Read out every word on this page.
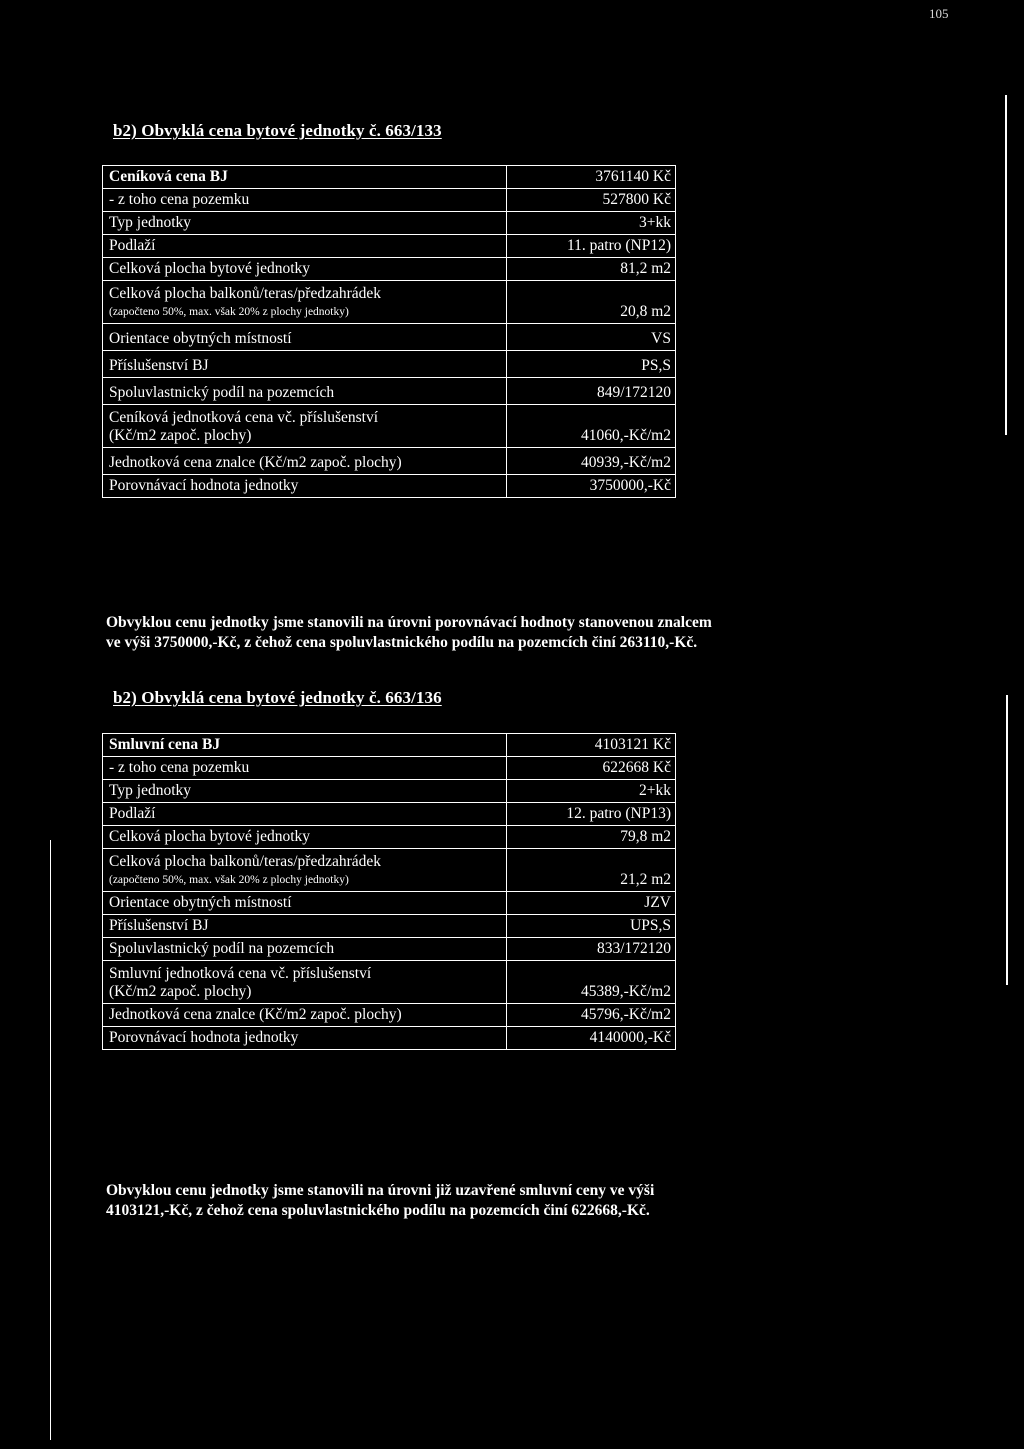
b2) Obvyklá cena bytové jednotky č. 663/133
Ceníková cena BJ	3761140 Kč
- z toho cena pozemku	527800 Kč
Typ jednotky	3+kk
Podlaží	11. patro (NP12)
Celková plocha bytové jednotky	81,2 m2

Celková plocha balkonů/teras/předzahrádek
(započteno 50%, max. však 20% z plochy jednotky)	20,8 m2
Orientace obytných místností	VS
Příslušenství BJ	PS,S
Spoluvlastnický podíl na pozemcích	849/172120

Ceníková jednotková cena vč. příslušenství
(Kč/m2 započ. plochy)	41060,-Kč/m2
Jednotková cena znalce (Kč/m2 započ. plochy)	40939,-Kč/m2
Porovnávací hodnota jednotky	3750000,-Kč

Obvyklou cenu jednotky jsme stanovili na úrovni porovnávací hodnoty stanovenou znalcem

ve výši 3750000,-Kč, z čehož cena spoluvlastnického podílu na pozemcích činí 263110,-Kč.

b2) Obvyklá cena bytové jednotky č. 663/136
Smluvní cena BJ	4103121 Kč
- z toho cena pozemku	622668 Kč
Typ jednotky	2+kk
Podlaží	12. patro (NP13)
Celková plocha bytové jednotky	79,8 m2

Celková plocha balkonů/teras/předzahrádek
(započteno 50%, max. však 20% z plochy jednotky)	21,2 m2
Orientace obytných místností	JZV
Příslušenství BJ	UPS,S
Spoluvlastnický podíl na pozemcích	833/172120

Smluvní jednotková cena vč. příslušenství
(Kč/m2 započ. plochy)	45389,-Kč/m2
Jednotková cena znalce (Kč/m2 započ. plochy)	45796,-Kč/m2
Porovnávací hodnota jednotky	4140000,-Kč

Obvyklou cenu jednotky jsme stanovili na úrovni již uzavřené smluvní ceny ve výši

4103121,-Kč, z čehož cena spoluvlastnického podílu na pozemcích činí 622668,-Kč.

105
